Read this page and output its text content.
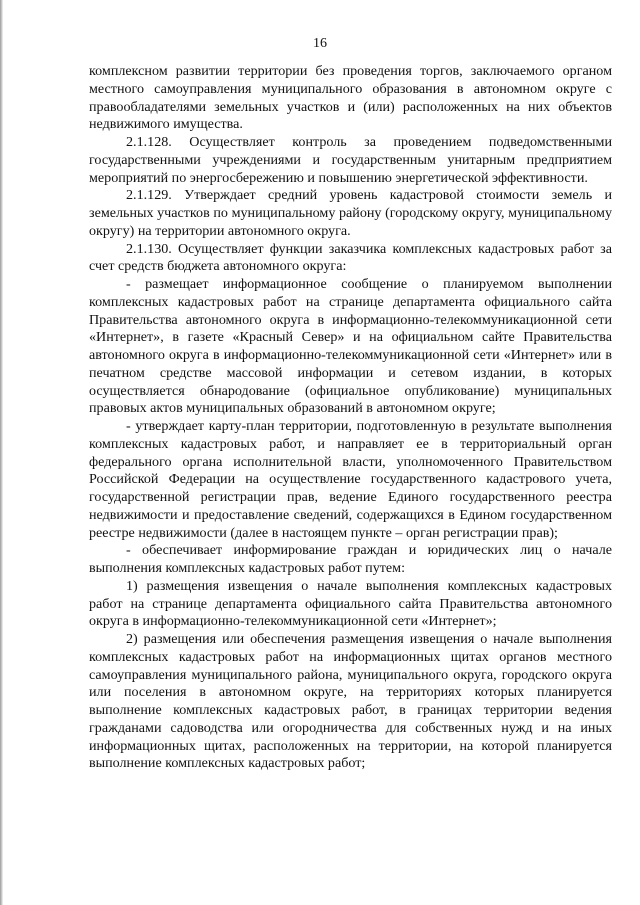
16

комплексном развитии территории без проведения торгов, заключаемого органом местного самоуправления муниципального образования в автономном округе с правообладателями земельных участков и (или) расположенных на них объектов недвижимого имущества.

2.1.128. Осуществляет контроль за проведением подведомственными государственными учреждениями и государственным унитарным предприятием мероприятий по энергосбережению и повышению энергетической эффективности.

2.1.129. Утверждает средний уровень кадастровой стоимости земель и земельных участков по муниципальному району (городскому округу, муниципальному округу) на территории автономного округа.

2.1.130. Осуществляет функции заказчика комплексных кадастровых работ за счет средств бюджета автономного округа:

- размещает информационное сообщение о планируемом выполнении комплексных кадастровых работ на странице департамента официального сайта Правительства автономного округа в информационно-телекоммуникационной сети «Интернет», в газете «Красный Север» и на официальном сайте Правительства автономного округа в информационно-телекоммуникационной сети «Интернет» или в печатном средстве массовой информации и сетевом издании, в которых осуществляется обнародование (официальное опубликование) муниципальных правовых актов муниципальных образований в автономном округе;

- утверждает карту-план территории, подготовленную в результате выполнения комплексных кадастровых работ, и направляет ее в территориальный орган федерального органа исполнительной власти, уполномоченного Правительством Российской Федерации на осуществление государственного кадастрового учета, государственной регистрации прав, ведение Единого государственного реестра недвижимости и предоставление сведений, содержащихся в Едином государственном реестре недвижимости (далее в настоящем пункте – орган регистрации прав);

- обеспечивает информирование граждан и юридических лиц о начале выполнения комплексных кадастровых работ путем:

1) размещения извещения о начале выполнения комплексных кадастровых работ на странице департамента официального сайта Правительства автономного округа в информационно-телекоммуникационной сети «Интернет»;

2) размещения или обеспечения размещения извещения о начале выполнения комплексных кадастровых работ на информационных щитах органов местного самоуправления муниципального района, муниципального округа, городского округа или поселения в автономном округе, на территориях которых планируется выполнение комплексных кадастровых работ, в границах территории ведения гражданами садоводства или огородничества для собственных нужд и на иных информационных щитах, расположенных на территории, на которой планируется выполнение комплексных кадастровых работ;
